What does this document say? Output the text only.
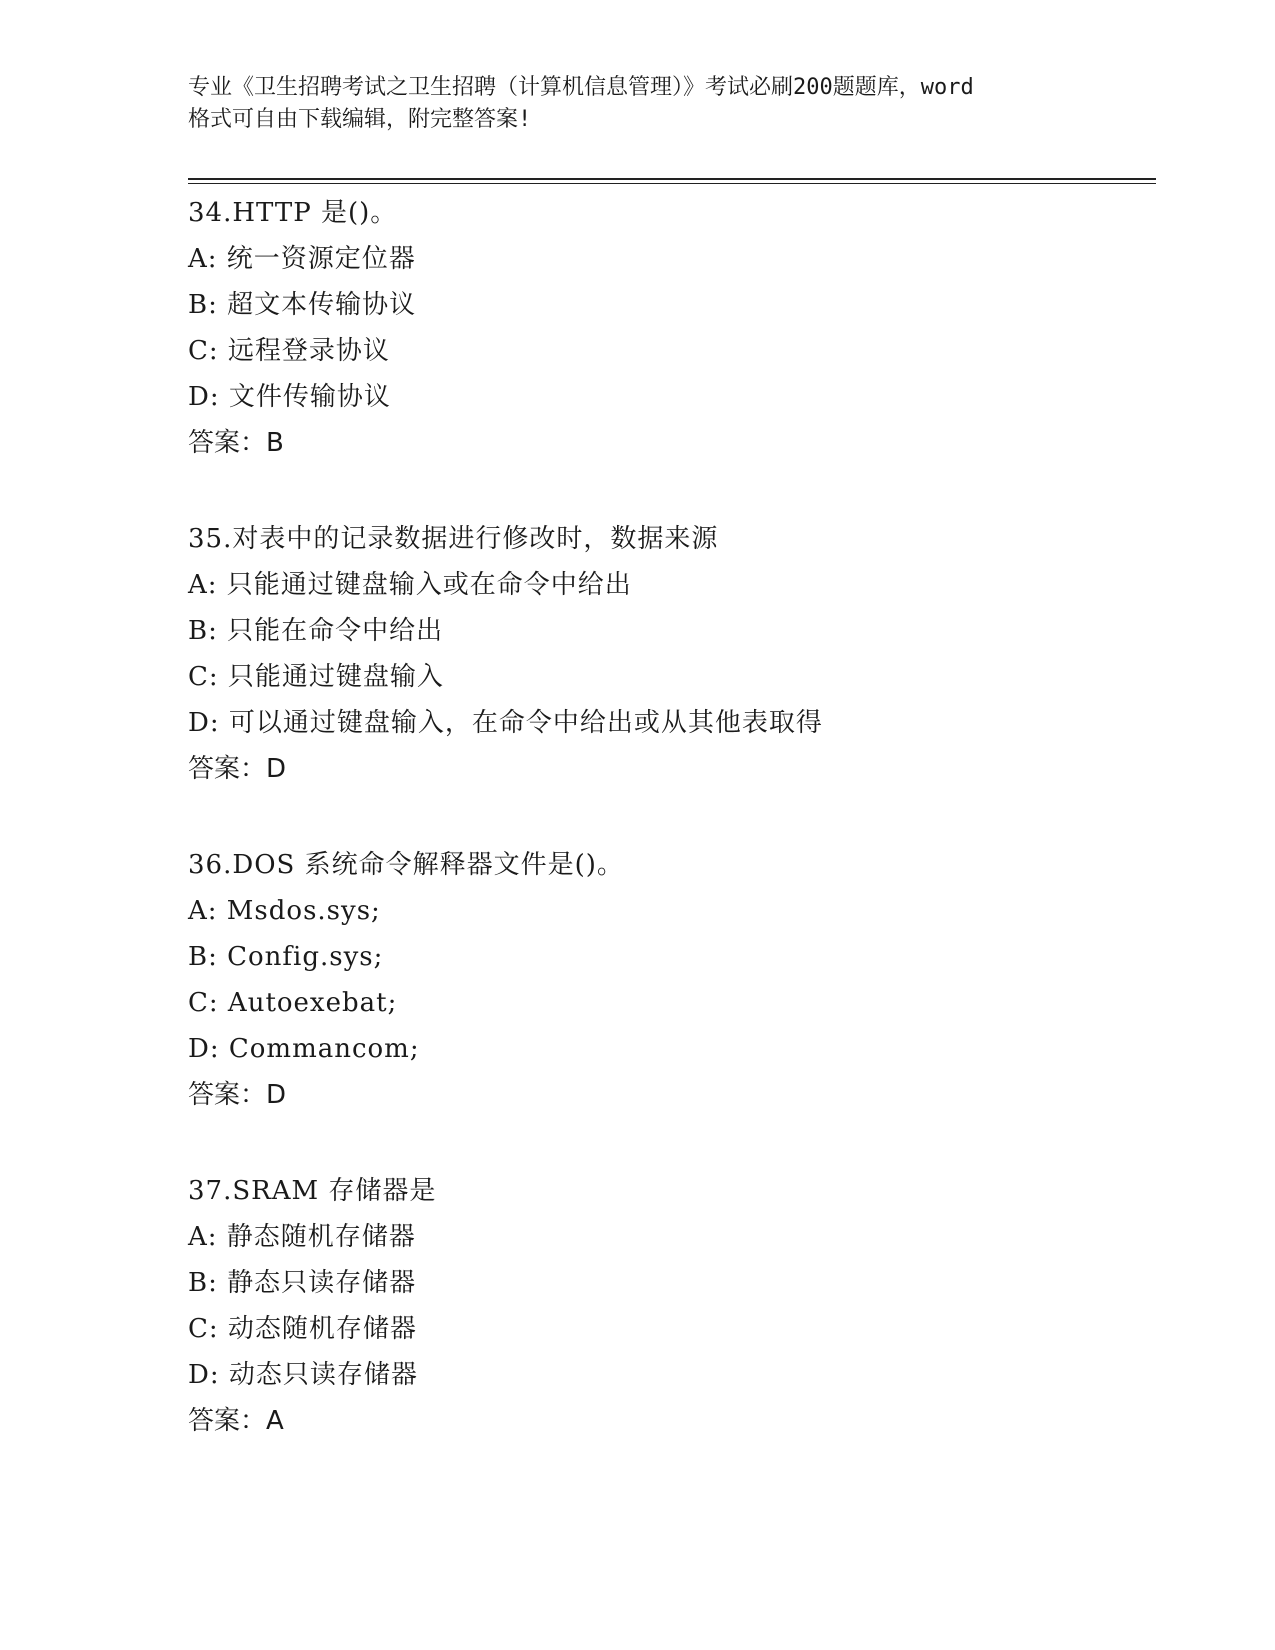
专业《卫生招聘考试之卫生招聘（计算机信息管理）》考试必刷200题题库，word
格式可自由下载编辑，附完整答案!
34.HTTP 是()。
A: 统一资源定位器
B: 超文本传输协议
C: 远程登录协议
D: 文件传输协议
答案：B
35.对表中的记录数据进行修改时，数据来源
A: 只能通过键盘输入或在命令中给出
B: 只能在命令中给出
C: 只能通过键盘输入
D: 可以通过键盘输入，在命令中给出或从其他表取得
答案：D
36.DOS 系统命令解释器文件是()。
A: Msdos.sys;
B: Config.sys;
C: Autoexebat;
D: Commancom;
答案：D
37.SRAM 存储器是
A: 静态随机存储器
B: 静态只读存储器
C: 动态随机存储器
D: 动态只读存储器
答案：A
